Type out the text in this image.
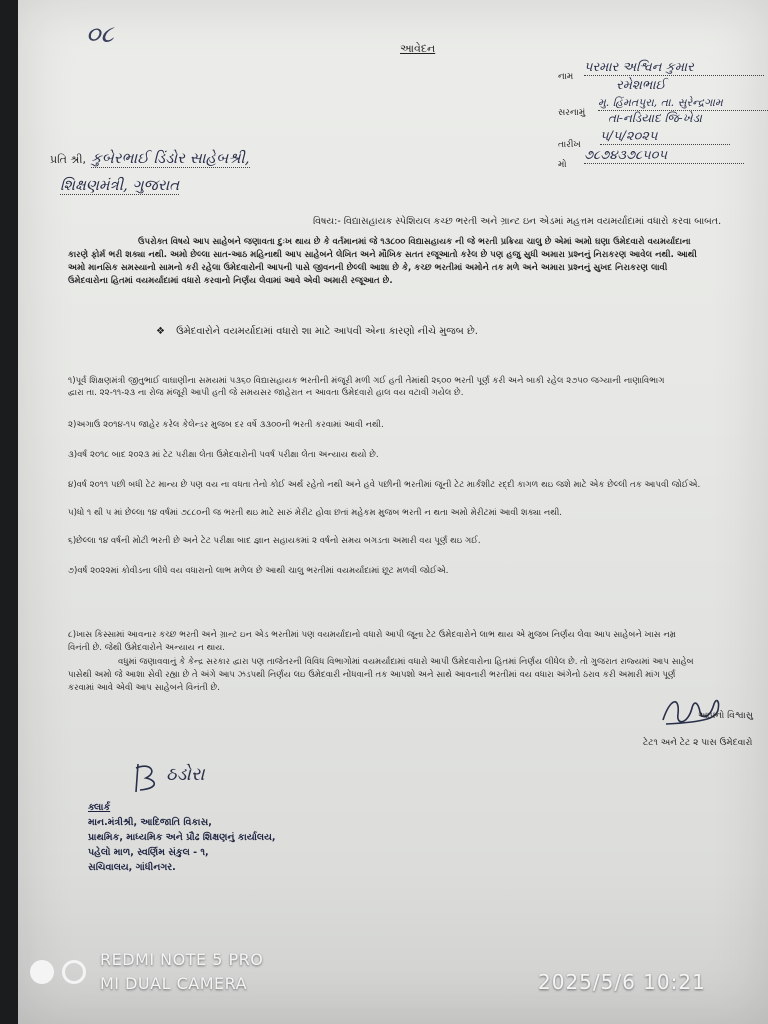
૦૮
આવેદન
નામ
પરમાર અશ્વિન કુમાર
રમેશભાઈ
સરનામું
મુ. હિંમતપુરા, તા. સુરેન્દ્રગામ
તા-નડિયાદ જિ-ખેડા
તારીખ
૫/૫/૨૦૨૫
મો
૭૮૭૪૩૭૮૫૦૫
પ્રતિ શ્રી, કુબેરભાઈ ડિંડોર સાહેબશ્રી,
શિક્ષણમંત્રી, ગુજરાત
વિષય:- વિદ્યાસહાયક સ્પેશિયલ કચ્છ ભરતી અને ગ્રાન્ટ ઇન એડમાં મહત્તમ વયમર્યાદામાં વધારો કરવા બાબત.
ઉપરોક્ત વિષયે આપ સાહેબને જણાવતા દુઃખ થાય છે કે વર્તમાનમાં જે ૧૩૮૦૦ વિદ્યાસહાયક ની જે ભરતી પ્રક્રિયા ચાલુ છે એમાં અમો ઘણા ઉમેદવારો વયમર્યાદાના
કારણે ફોર્મ ભરી શક્યા નથી. અમો છેલ્લા સાત-આઠ મહિનાથી આપ સાહેબને લેખિત અને મૌખિક સતત રજૂઆતો કરેલ છે પણ હજુ સુધી અમારા પ્રશ્નનું નિરાકરણ આવેલ નથી. આથી
અમો માનસિક સમસ્યાનો સામનો કરી રહેલા ઉમેદવારોની આપની પાસે જીવનની છેલ્લી આશા છે કે, કચ્છ ભરતીમાં અમોને તક મળે અને અમારા પ્રશ્નનું સુખદ નિરાકરણ લાવી
ઉમેદવારોના હિતમાં વયમર્યાદામાં વધારો કરવાનો નિર્ણય લેવામાં આવે એવી અમારી રજૂઆત છે.
❖ ઉમેદવારોને વયમર્યાદામાં વધારો શા માટે આપવી એના કારણો નીચે મુજબ છે.
૧)પૂર્વ શિક્ષણમંત્રી જીતુભાઈ વાઘાણીના સમયમાં ૫૩૬૦ વિદ્યાસહાયક ભરતીની મંજૂરી મળી ગઈ હતી તેમાંથી ૨૬૦૦ ભરતી પૂર્ણ કરી અને બાકી રહેલ ૨૭૫૦ જગ્યાની નાણાવિભાગ
દ્વારા તા. ૨૨-૧૧-૨૩ ના રોજ મંજૂરી આપી હતી જે સમયસર જાહેરાત ન આવતા ઉમેદવારો હાલ વય વટાવી ગયેલ છે.
૨)અગાઉ ૨૦૧૪-૧૫ જાહેર કરેલ કેલેન્ડર મુજબ દર વર્ષે ૩૩૦૦ની ભરતી કરવામાં આવી નથી.
૩)વર્ષ ૨૦૧૮ બાદ ૨૦૨૩ માં ટેટ પરીક્ષા લેતા ઉમેદવારોની પવર્ષ પરીક્ષા લેતા અન્યાય થયો છે.
૪)વર્ષ ૨૦૧૧ પછી બધી ટેટ માન્ય છે પણ વય ના વધતા તેનો કોઈ અર્થ રહેતો નથી અને હવે પછીની ભરતીમાં જૂની ટેટ માર્કશીટ રદ્દી કાગળ થઇ જશે માટે એક છેલ્લી તક આપવી જોઈએ.
૫)ધો ૧ થી ૫ માં છેલ્લા ૧૪ વર્ષમાં ૭૮૮૦ની જ ભરતી થઇ માટે સારું મેરીટ હોવા છતાં મહેકમ મુજબ ભરતી ન થતા અમો મેરીટમાં આવી શક્યા નથી.
૬)છેલ્લા ૧૪ વર્ષની મોટી ભરતી છે અને ટેટ પરીક્ષા બાદ જ્ઞાન સહાયકમાં ૨ વર્ષનો સમય બગડતા અમારી વય પૂર્ણ થઇ ગઈ.
૭)વર્ષ ૨૦૨૨માં કોવીડના લીધે વય વધારાનો લાભ મળેલ છે આથી ચાલુ ભરતીમાં વયમર્યાદામાં છૂટ મળવી જોઈએ.
૮)ખાસ કિસ્સામાં આવનાર કચ્છ ભરતી અને ગ્રાન્ટ ઇન એડ ભરતીમાં પણ વયમર્યાદાનો વધારો આપી જૂના ટેટ ઉમેદવારોને લાભ થાય એ મુજબ નિર્ણય લેવા આપ સાહેબને ખાસ નમ્ર
વિનંતી છે. જેથી ઉમેદવારોને અન્યાય ન થાય.
વધુમાં જણાવવાનું કે કેન્દ્ર સરકાર દ્વારા પણ તાજેતરની વિવિધ વિભાગોમાં વયમર્યાદામાં વધારો આપી ઉમેદવારોના હિતમાં નિર્ણય લીધેલ છે. તો ગુજરાત રાજ્યમાં આપ સાહેબ
પાસેથી અમો જે આશા સેવી રહ્યા છે તે અંગે આપ ઝડપથી નિર્ણય લઇ ઉમેદવારી નોંધવાની તક આપશો અને સાથે આવનારી ભરતીમાં વય વધારા અંગેનો ઠરાવ કરી અમારી માંગ પૂર્ણ
કરવામાં આવે એવી આપ સાહેબને વિનંતી છે.
આપનો વિશ્વાસુ
ટેટ૧ અને ટેટ ૨ પાસ ઉમેદવારો
ઠડોરા
ક્લાર્ક
માન.મંત્રીશ્રી, આદિજાતિ વિકાસ,
પ્રાથમિક, માધ્યમિક અને પ્રૌઢ શિક્ષણનું કાર્યાલય,
પહેલો માળ, સ્વર્ણિમ સંકુલ - ૧,
સચિવાલય, ગાંધીનગર.
REDMI NOTE 5 PRO
MI DUAL CAMERA	2025/5/6 10:21
